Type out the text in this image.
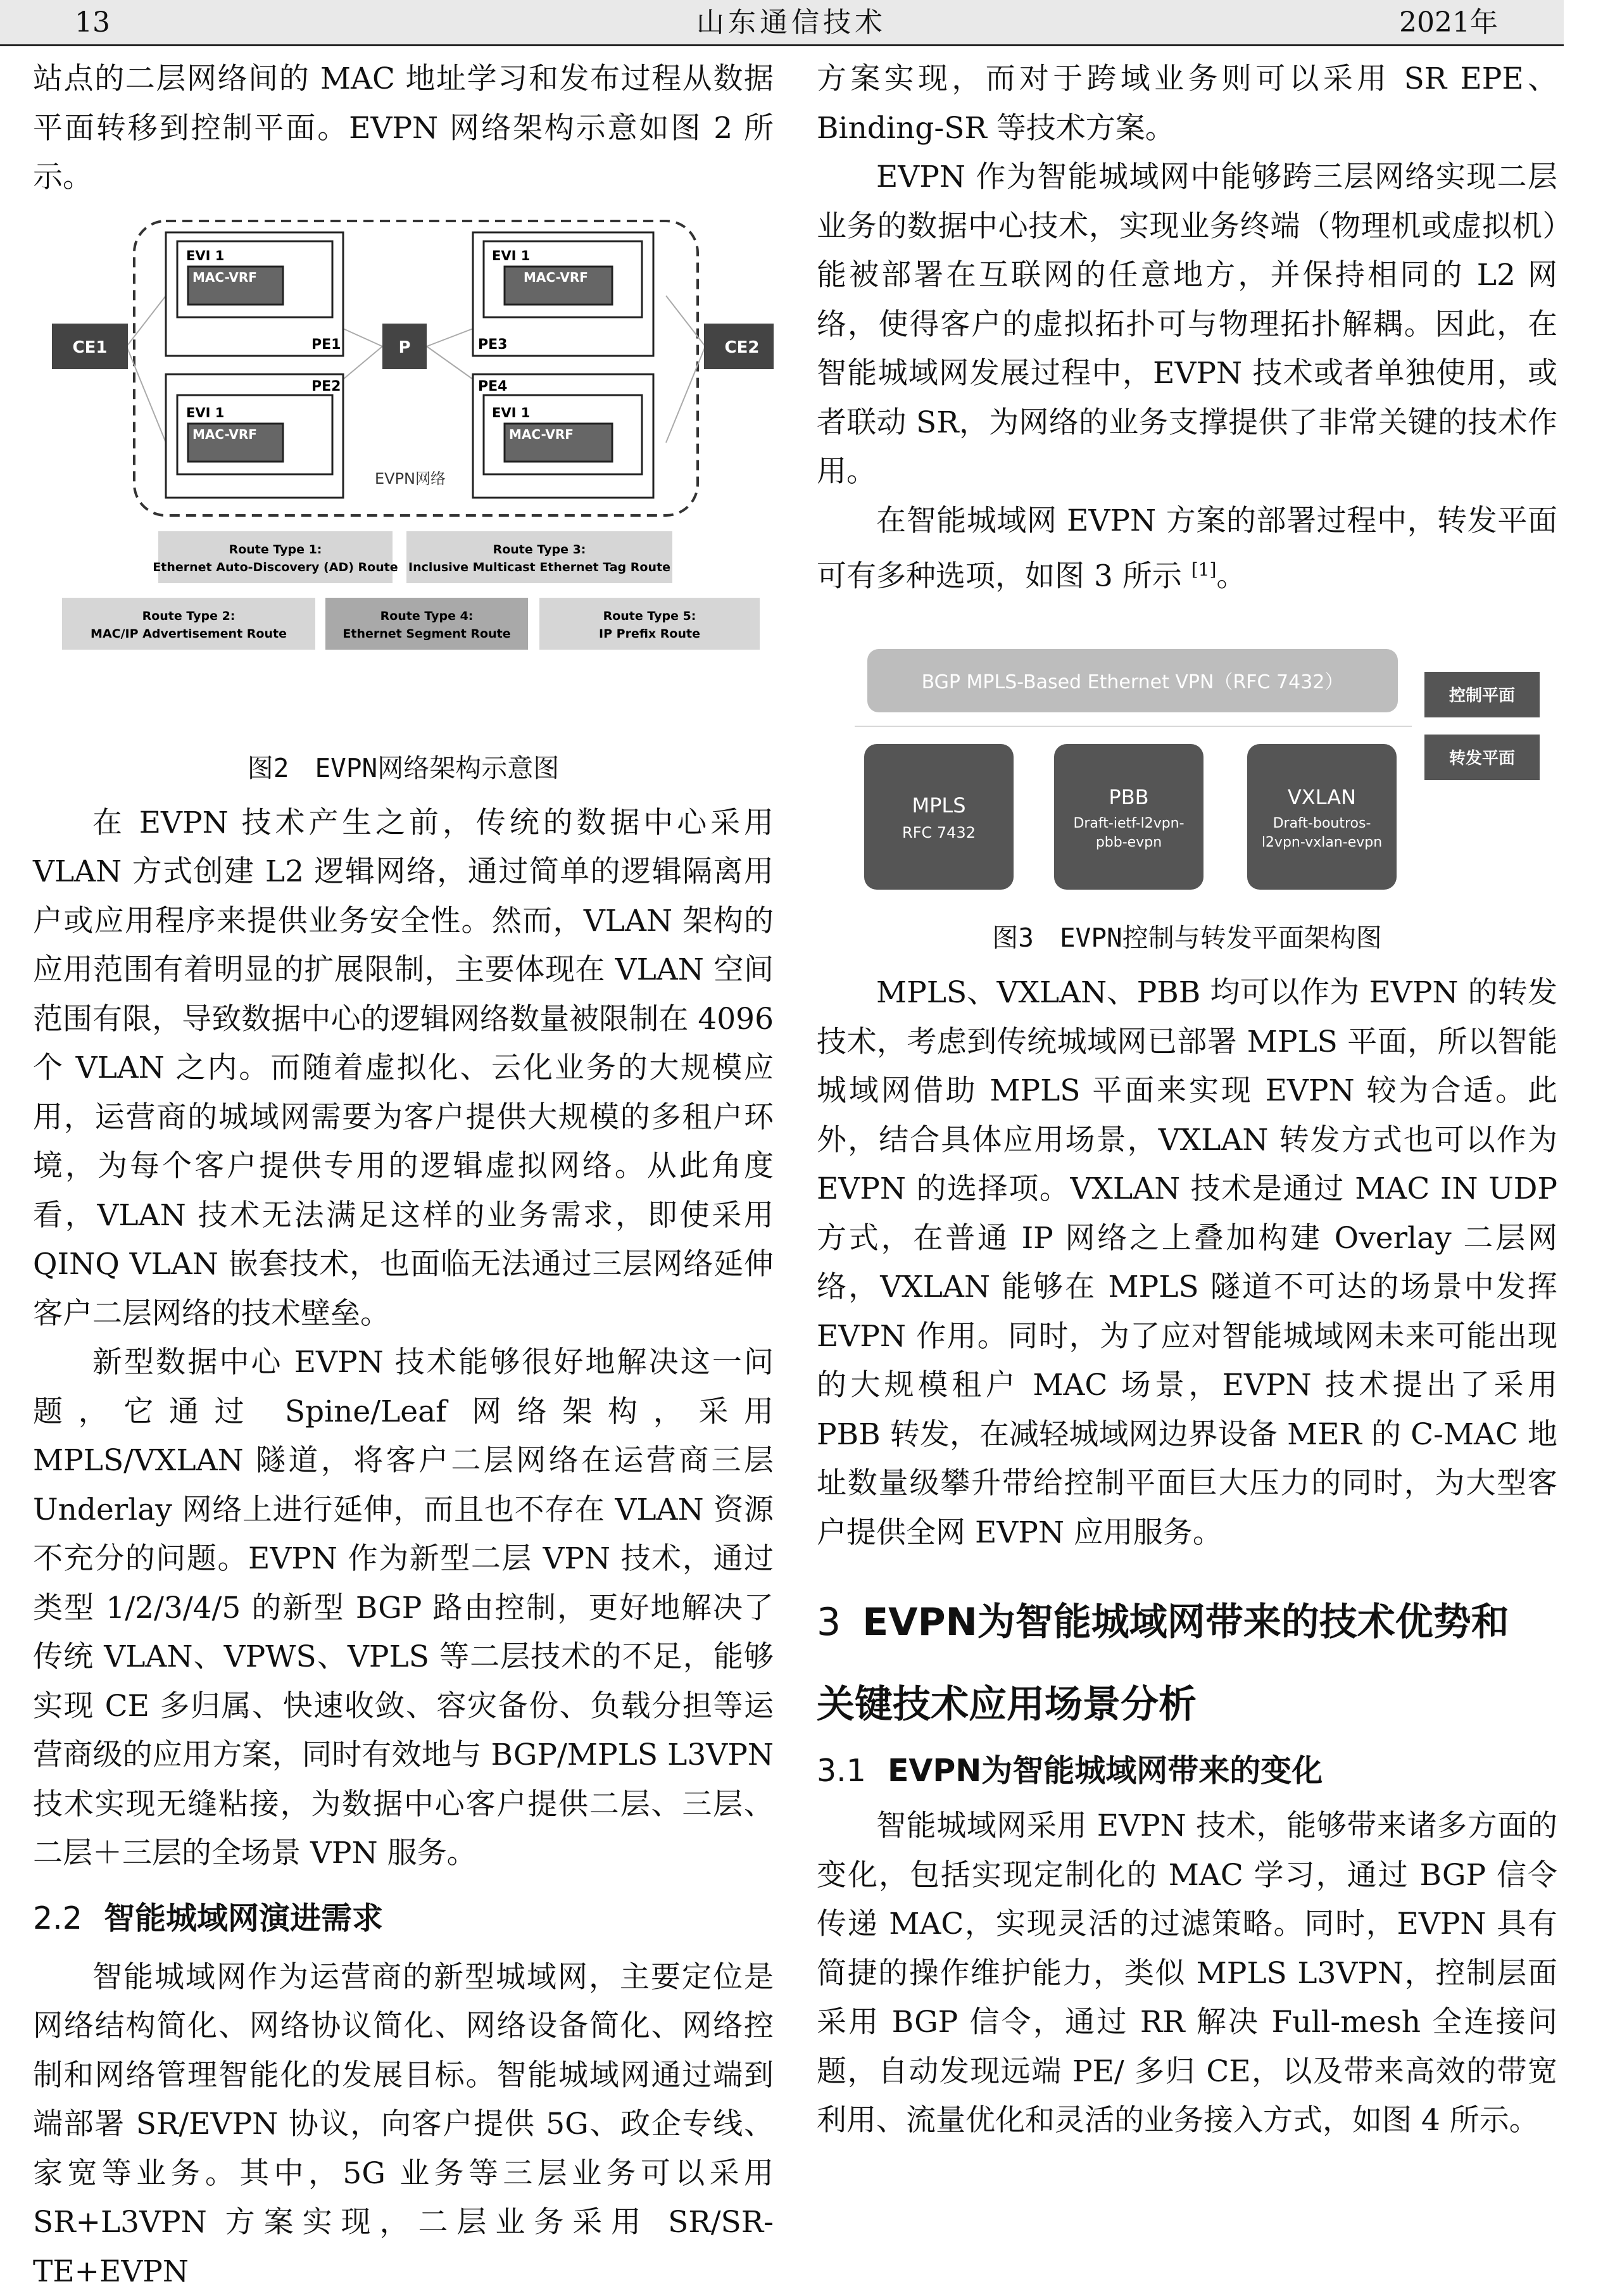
13	山东通信技术	2021年

站点的二层网络间的 MAC 地址学习和发布过程从数据平面转移到控制平面。EVPN 网络架构示意如图 2 所示。

CE1	CE2
P
EVI 1
MAC-VRF
PE1
EVI 1
MAC-VRF
PE3
PE2
EVI 1
MAC-VRF
PE4
EVI 1
MAC-VRF
EVPN网络
Route Type 1:
Ethernet Auto-Discovery (AD) Route
Route Type 3:
Inclusive Multicast Ethernet Tag Route
Route Type 2:
MAC/IP Advertisement Route
Route Type 4:
Ethernet Segment Route
Route Type 5:
IP Prefix Route
图2　EVPN网络架构示意图

在 EVPN 技术产生之前，传统的数据中心采用 VLAN 方式创建 L2 逻辑网络，通过简单的逻辑隔离用户或应用程序来提供业务安全性。然而，VLAN 架构的应用范围有着明显的扩展限制，主要体现在 VLAN 空间范围有限，导致数据中心的逻辑网络数量被限制在 4096 个 VLAN 之内。而随着虚拟化、云化业务的大规模应用，运营商的城域网需要为客户提供大规模的多租户环境，为每个客户提供专用的逻辑虚拟网络。从此角度看，VLAN 技术无法满足这样的业务需求，即使采用 QINQ VLAN 嵌套技术，也面临无法通过三层网络延伸客户二层网络的技术壁垒。

新型数据中心 EVPN 技术能够很好地解决这一问题，它通过 Spine/Leaf 网络架构，采用 MPLS/VXLAN 隧道，将客户二层网络在运营商三层 Underlay 网络上进行延伸，而且也不存在 VLAN 资源不充分的问题。EVPN 作为新型二层 VPN 技术，通过类型 1/2/3/4/5 的新型 BGP 路由控制，更好地解决了传统 VLAN、VPWS、VPLS 等二层技术的不足，能够实现 CE 多归属、快速收敛、容灾备份、负载分担等运营商级的应用方案，同时有效地与 BGP/MPLS L3VPN 技术实现无缝粘接，为数据中心客户提供二层、三层、二层＋三层的全场景 VPN 服务。

2.2 智能城域网演进需求

智能城域网作为运营商的新型城域网，主要定位是网络结构简化、网络协议简化、网络设备简化、网络控制和网络管理智能化的发展目标。智能城域网通过端到端部署 SR/EVPN 协议，向客户提供 5G、政企专线、家宽等业务。其中，5G 业务等三层业务可以采用 SR+L3VPN 方案实现，二层业务采用 SR/SR-TE+EVPN

方案实现，而对于跨域业务则可以采用 SR EPE、Binding-SR 等技术方案。

EVPN 作为智能城域网中能够跨三层网络实现二层业务的数据中心技术，实现业务终端（物理机或虚拟机）能被部署在互联网的任意地方，并保持相同的 L2 网络，使得客户的虚拟拓扑可与物理拓扑解耦。因此，在智能城域网发展过程中，EVPN 技术或者单独使用，或者联动 SR，为网络的业务支撑提供了非常关键的技术作用。

在智能城域网 EVPN 方案的部署过程中，转发平面可有多种选项，如图 3 所示 [1]。

BGP MPLS-Based Ethernet VPN（RFC 7432）
控制平面
转发平面
MPLS
RFC 7432
PBB
Draft-ietf-l2vpn-
pbb-evpn
VXLAN
Draft-boutros-
l2vpn-vxlan-evpn
图3　EVPN控制与转发平面架构图

MPLS、VXLAN、PBB 均可以作为 EVPN 的转发技术，考虑到传统城域网已部署 MPLS 平面，所以智能城域网借助 MPLS 平面来实现 EVPN 较为合适。此外，结合具体应用场景，VXLAN 转发方式也可以作为 EVPN 的选择项。VXLAN 技术是通过 MAC IN UDP 方式，在普通 IP 网络之上叠加构建 Overlay 二层网络，VXLAN 能够在 MPLS 隧道不可达的场景中发挥 EVPN 作用。同时，为了应对智能城域网未来可能出现的大规模租户 MAC 场景，EVPN 技术提出了采用 PBB 转发，在减轻城域网边界设备 MER 的 C-MAC 地址数量级攀升带给控制平面巨大压力的同时，为大型客户提供全网 EVPN 应用服务。

3 EVPN为智能城域网带来的技术优势和
关键技术应用场景分析
3.1 EVPN为智能城域网带来的变化

智能城域网采用 EVPN 技术，能够带来诸多方面的变化，包括实现定制化的 MAC 学习，通过 BGP 信令传递 MAC，实现灵活的过滤策略。同时，EVPN 具有简捷的操作维护能力，类似 MPLS L3VPN，控制层面采用 BGP 信令，通过 RR 解决 Full-mesh 全连接问题，自动发现远端 PE/ 多归 CE，以及带来高效的带宽利用、流量优化和灵活的业务接入方式，如图 4 所示。
